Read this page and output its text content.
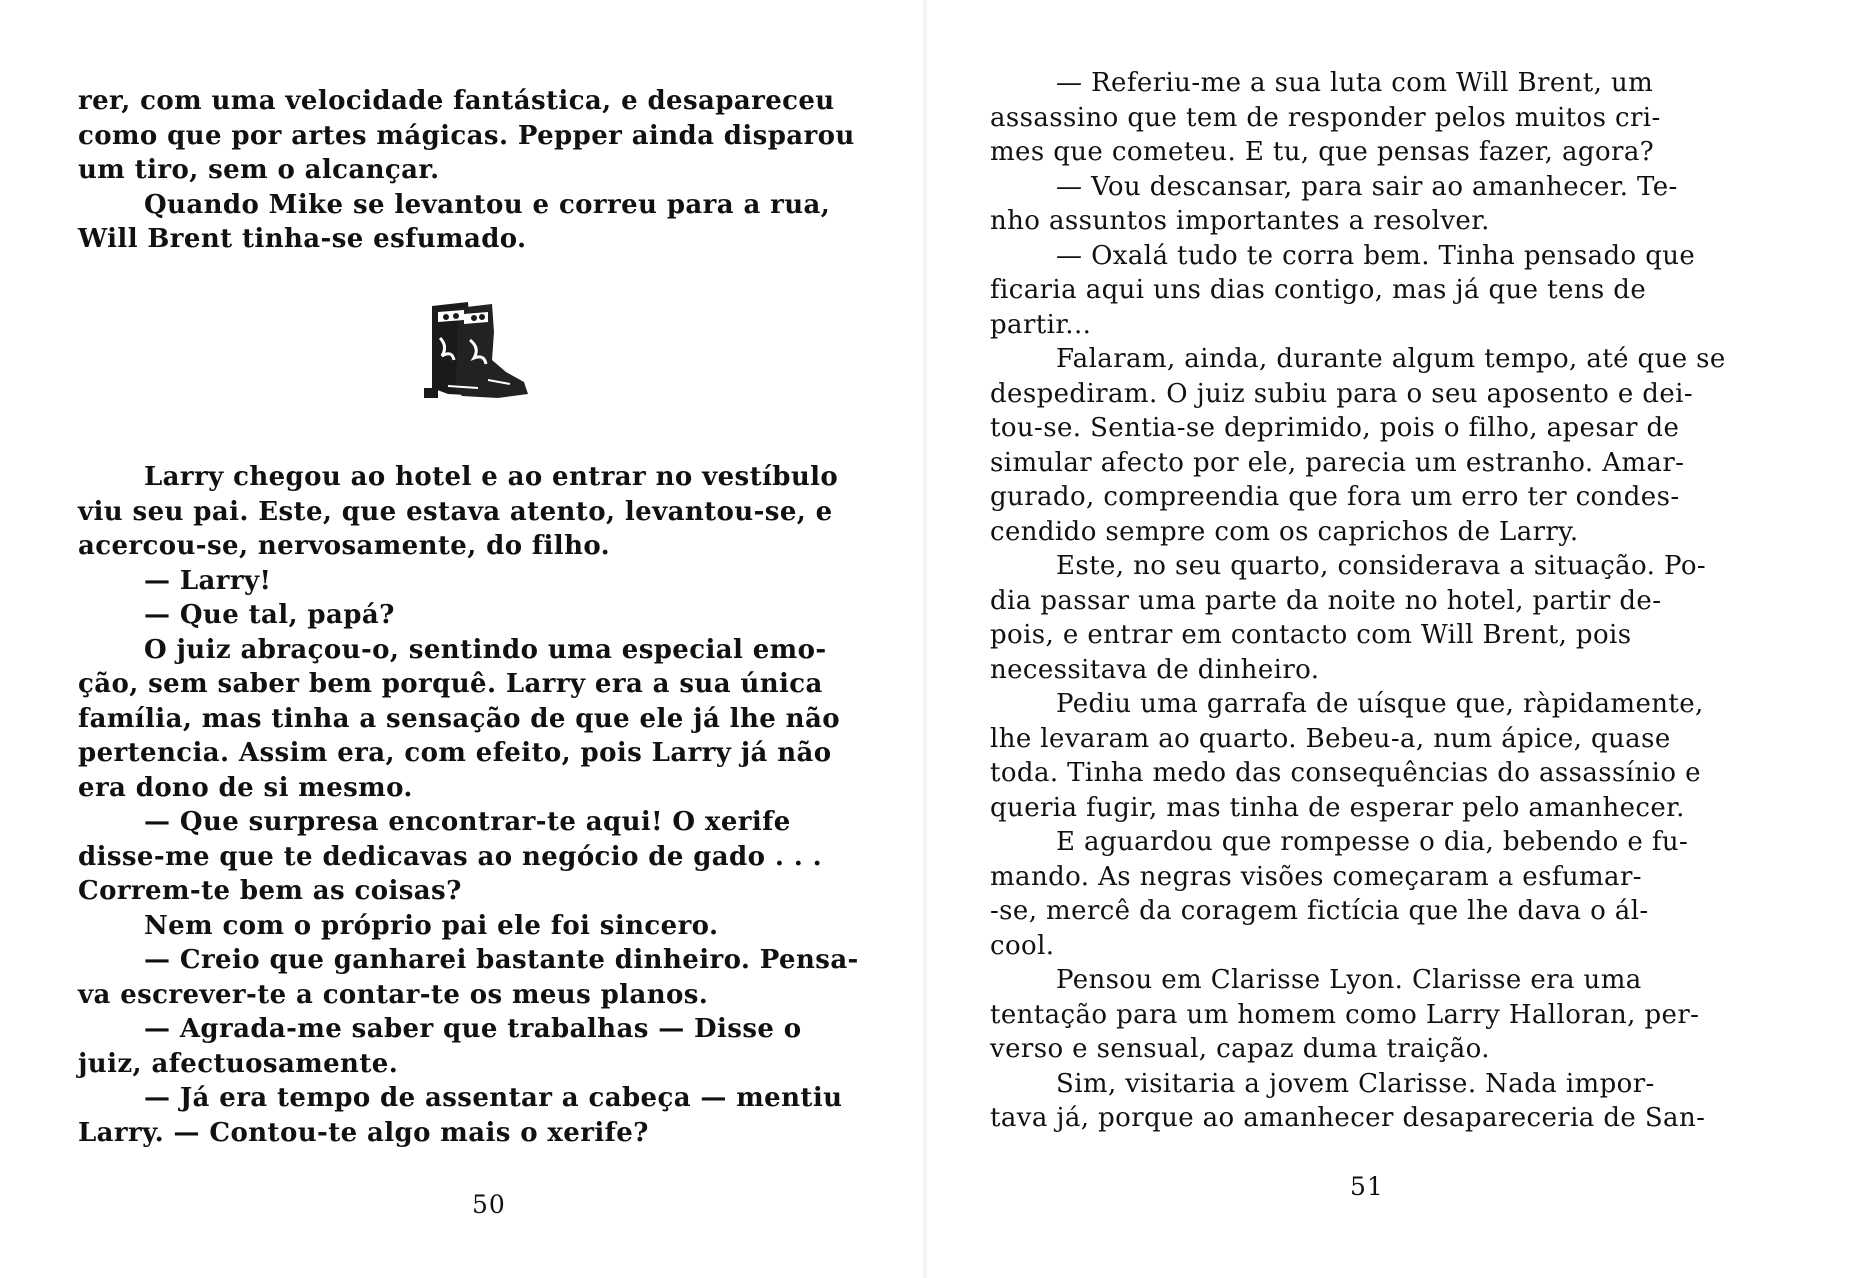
rer, com uma velocidade fantástica, e desapareceu
como que por artes mágicas. Pepper ainda disparou
um tiro, sem o alcançar.
Quando Mike se levantou e correu para a rua,
Will Brent tinha-se esfumado.
Larry chegou ao hotel e ao entrar no vestíbulo
viu seu pai. Este, que estava atento, levantou-se, e
acercou-se, nervosamente, do filho.
— Larry!
— Que tal, papá?
O juiz abraçou-o, sentindo uma especial emo-
ção, sem saber bem porquê. Larry era a sua única
família, mas tinha a sensação de que ele já lhe não
pertencia. Assim era, com efeito, pois Larry já não
era dono de si mesmo.
— Que surpresa encontrar-te aqui! O xerife
disse-me que te dedicavas ao negócio de gado . . .
Correm-te bem as coisas?
Nem com o próprio pai ele foi sincero.
— Creio que ganharei bastante dinheiro. Pensa-
va escrever-te a contar-te os meus planos.
— Agrada-me saber que trabalhas — Disse o
juiz, afectuosamente.
— Já era tempo de assentar a cabeça — mentiu
Larry. — Contou-te algo mais o xerife?
50
— Referiu-me a sua luta com Will Brent, um
assassino que tem de responder pelos muitos cri-
mes que cometeu. E tu, que pensas fazer, agora?
— Vou descansar, para sair ao amanhecer. Te-
nho assuntos importantes a resolver.
— Oxalá tudo te corra bem. Tinha pensado que
ficaria aqui uns dias contigo, mas já que tens de
partir...
Falaram, ainda, durante algum tempo, até que se
despediram. O juiz subiu para o seu aposento e dei-
tou-se. Sentia-se deprimido, pois o filho, apesar de
simular afecto por ele, parecia um estranho. Amar-
gurado, compreendia que fora um erro ter condes-
cendido sempre com os caprichos de Larry.
Este, no seu quarto, considerava a situação. Po-
dia passar uma parte da noite no hotel, partir de-
pois, e entrar em contacto com Will Brent, pois
necessitava de dinheiro.
Pediu uma garrafa de uísque que, ràpidamente,
lhe levaram ao quarto. Bebeu-a, num ápice, quase
toda. Tinha medo das consequências do assassínio e
queria fugir, mas tinha de esperar pelo amanhecer.
E aguardou que rompesse o dia, bebendo e fu-
mando. As negras visões começaram a esfumar-
-se, mercê da coragem fictícia que lhe dava o ál-
cool.
Pensou em Clarisse Lyon. Clarisse era uma
tentação para um homem como Larry Halloran, per-
verso e sensual, capaz duma traição.
Sim, visitaria a jovem Clarisse. Nada impor-
tava já, porque ao amanhecer desapareceria de San-
51
